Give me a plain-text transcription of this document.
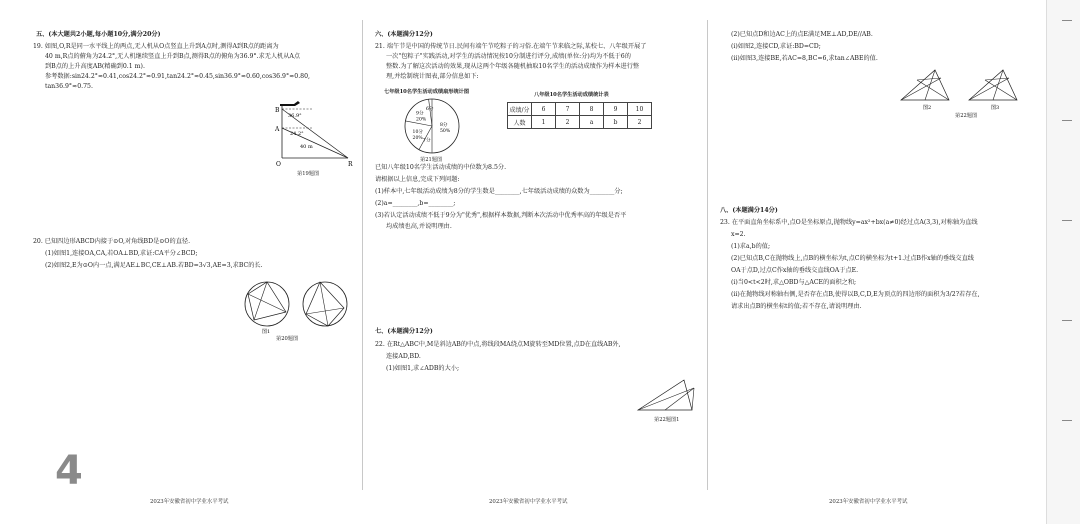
五、(本大题共2小题,每小题10分,满分20分)
19. 如图,O,R是同一水平线上的两点,无人机从O点竖直上升到A点时,测得A到R点的距离为
40 m,R点的俯角为24.2°,无人机继续竖直上升到B点,测得R点的俯角为36.9°.求无人机从A点
到B点的上升高度AB(精确到0.1 m).
参考数据:sin24.2°≈0.41,cos24.2°≈0.91,tan24.2°≈0.45,sin36.9°≈0.60,cos36.9°≈0.80,
tan36.9°≈0.75.
B
A
O	R
36.9°
24.2°
40 m
第19题图
20. 已知四边形ABCD内接于⊙O,对角线BD是⊙O的直径.
(1)如图1,连接OA,CA,若OA⊥BD,求证:CA平分∠BCD;
(2)如图2,E为⊙O内一点,满足AE⊥BC,CE⊥AB.若BD=3√3,AE=3,求BC的长.
图1
第20题图
4
2023年安徽省初中学业水平考试
六、(本题满分12分)
21. 端午节是中国的传统节日.民间有端午节吃粽子的习俗.在端午节来临之际,某校七、八年级开展了
一次"包粽子"实践活动,对学生的活动情况按10分制进行评分,成绩(单位:分)均为不低于6的
整数.为了解这次活动的效果,现从这两个年级各随机抽取10名学生的活动成绩作为样本进行整
理,并绘制统计图表,部分信息如下:
七年级10名学生活动成绩扇形统计图
8分
50%
7分
10分
20%
9分
20%
6分
第21题图
八年级10名学生活动成绩统计表
成绩/分	6	7	8	9	10
人数	1	2	a	b	2
已知八年级10名学生活动成绩的中位数为8.5分.
请根据以上信息,完成下列问题:
(1)样本中,七年级活动成绩为8分的学生数是________,七年级活动成绩的众数为________分;
(2)a=________,b=________;
(3)若认定活动成绩不低于9分为"优秀",根据样本数据,判断本次活动中优秀率高的年级是否平
均成绩也高,并说明理由.
七、(本题满分12分)
22. 在Rt△ABC中,M是斜边AB的中点,将线段MA绕点M旋转至MD位置,点D在直线AB外,
连接AD,BD.
(1)如图1,求∠ADB的大小;
第22题图1
2023年安徽省初中学业水平考试
(2)已知点D和边AC上的点E满足ME⊥AD,DE//AB.
(i)如图2,连接CD,求证:BD=CD;
(ii)如图3,连接BE,若AC=8,BC=6,求tan∠ABE的值.
图2	图3
第22题图
八、(本题满分14分)
23. 在平面直角坐标系中,点O是坐标原点,抛物线y=ax²+bx(a≠0)经过点A(3,3),对称轴为直线
x=2.
(1)求a,b的值;
(2)已知点B,C在抛物线上,点B的横坐标为t,点C的横坐标为t+1.过点B作x轴的垂线交直线
OA于点D,过点C作x轴的垂线交直线OA于点E.
(i)当0<t<2时,求△OBD与△ACE的面积之和;
(ii)在抛物线对称轴右侧,是否存在点B,使得以B,C,D,E为顶点的四边形的面积为3/2?若存在,
请求出点B的横坐标t的值;若不存在,请说明理由.
2023年安徽省初中学业水平考试
